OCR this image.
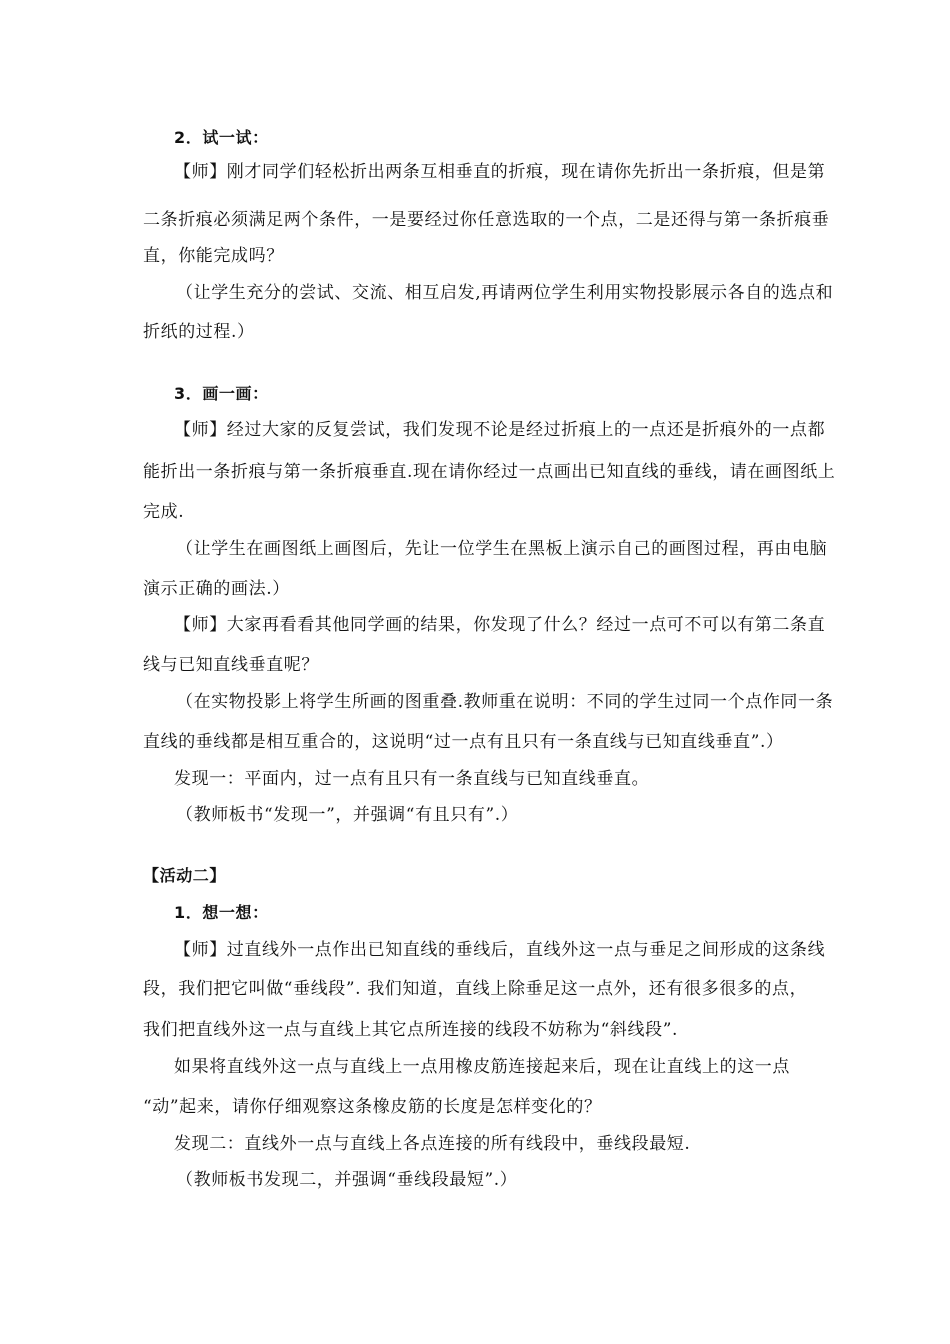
2．试一试：
【师】刚才同学们轻松折出两条互相垂直的折痕，现在请你先折出一条折痕，但是第
二条折痕必须满足两个条件，一是要经过你任意选取的一个点，二是还得与第一条折痕垂
直，你能完成吗？
（让学生充分的尝试、交流、相互启发,再请两位学生利用实物投影展示各自的选点和
折纸的过程.）
3．画一画：
【师】经过大家的反复尝试，我们发现不论是经过折痕上的一点还是折痕外的一点都
能折出一条折痕与第一条折痕垂直.现在请你经过一点画出已知直线的垂线，请在画图纸上
完成.
（让学生在画图纸上画图后，先让一位学生在黑板上演示自己的画图过程，再由电脑
演示正确的画法.）
【师】大家再看看其他同学画的结果，你发现了什么？经过一点可不可以有第二条直
线与已知直线垂直呢？
（在实物投影上将学生所画的图重叠.教师重在说明：不同的学生过同一个点作同一条
直线的垂线都是相互重合的，这说明“过一点有且只有一条直线与已知直线垂直”.）
发现一：平面内，过一点有且只有一条直线与已知直线垂直。
（教师板书“发现一”，并强调“有且只有”.）
【活动二】
1．想一想：
【师】过直线外一点作出已知直线的垂线后，直线外这一点与垂足之间形成的这条线
段，我们把它叫做“垂线段”. 我们知道，直线上除垂足这一点外，还有很多很多的点，
我们把直线外这一点与直线上其它点所连接的线段不妨称为“斜线段”.
如果将直线外这一点与直线上一点用橡皮筋连接起来后，现在让直线上的这一点
“动”起来，请你仔细观察这条橡皮筋的长度是怎样变化的？
发现二：直线外一点与直线上各点连接的所有线段中，垂线段最短.
（教师板书发现二，并强调“垂线段最短”.）
